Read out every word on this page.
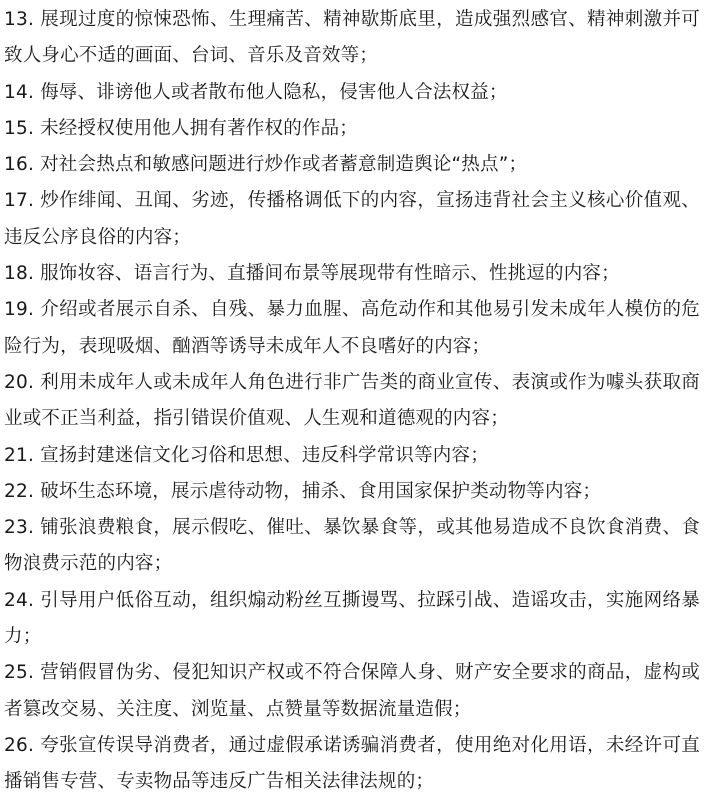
13. 展现过度的惊悚恐怖、生理痛苦、精神歇斯底里，造成强烈感官、精神刺激并可致人身心不适的画面、台词、音乐及音效等；

14. 侮辱、诽谤他人或者散布他人隐私，侵害他人合法权益；

15. 未经授权使用他人拥有著作权的作品；

16. 对社会热点和敏感问题进行炒作或者蓄意制造舆论“热点”；

17. 炒作绯闻、丑闻、劣迹，传播格调低下的内容，宣扬违背社会主义核心价值观、违反公序良俗的内容；

18. 服饰妆容、语言行为、直播间布景等展现带有性暗示、性挑逗的内容；

19. 介绍或者展示自杀、自残、暴力血腥、高危动作和其他易引发未成年人模仿的危险行为，表现吸烟、酗酒等诱导未成年人不良嗜好的内容；

20. 利用未成年人或未成年人角色进行非广告类的商业宣传、表演或作为噱头获取商业或不正当利益，指引错误价值观、人生观和道德观的内容；

21. 宣扬封建迷信文化习俗和思想、违反科学常识等内容；

22. 破坏生态环境，展示虐待动物，捕杀、食用国家保护类动物等内容；

23. 铺张浪费粮食，展示假吃、催吐、暴饮暴食等，或其他易造成不良饮食消费、食物浪费示范的内容；

24. 引导用户低俗互动，组织煽动粉丝互撕谩骂、拉踩引战、造谣攻击，实施网络暴力；

25. 营销假冒伪劣、侵犯知识产权或不符合保障人身、财产安全要求的商品，虚构或者篡改交易、关注度、浏览量、点赞量等数据流量造假；

26. 夸张宣传误导消费者，通过虚假承诺诱骗消费者，使用绝对化用语，未经许可直播销售专营、专卖物品等违反广告相关法律法规的；
